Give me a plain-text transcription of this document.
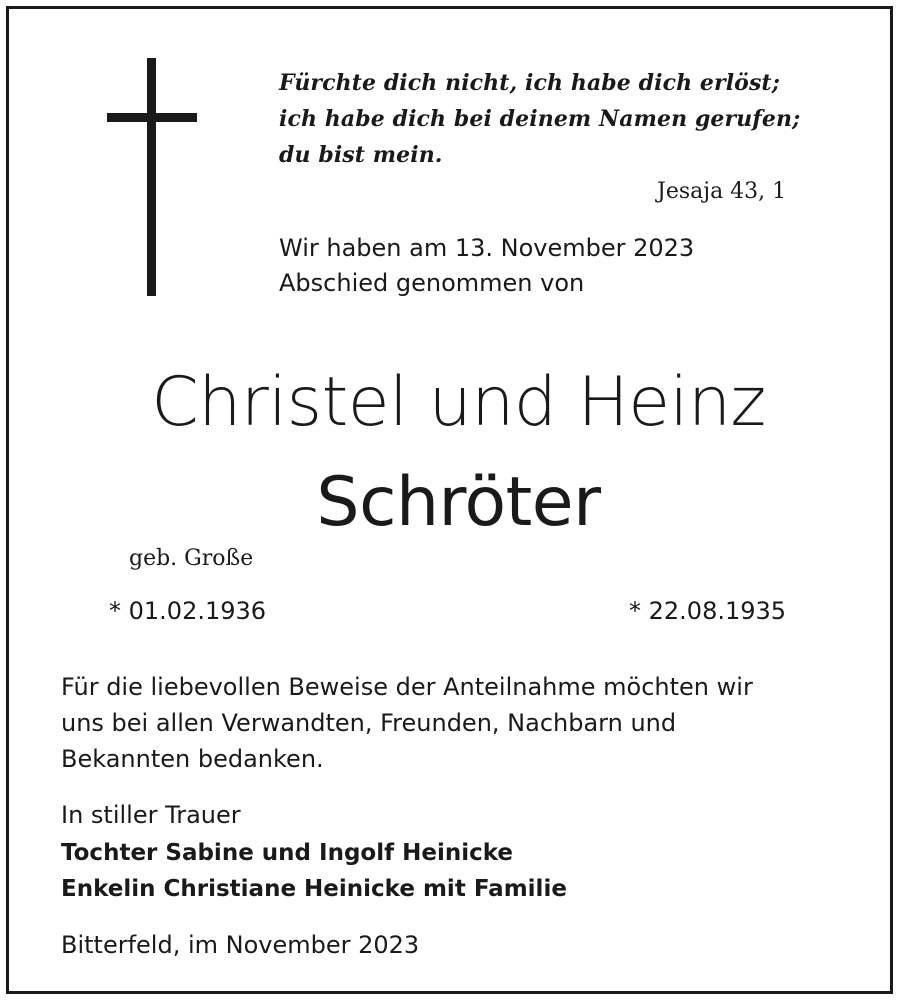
Fürchte dich nicht, ich habe dich erlöst;
ich habe dich bei deinem Namen gerufen;
du bist mein.
Jesaja 43, 1
Wir haben am 13. November 2023
Abschied genommen von
Christel und Heinz
Schröter
geb. Große
* 01.02.1936	* 22.08.1935
Für die liebevollen Beweise der Anteilnahme möchten wir
uns bei allen Verwandten, Freunden, Nachbarn und
Bekannten bedanken.
In stiller Trauer
Tochter Sabine und Ingolf Heinicke
Enkelin Christiane Heinicke mit Familie
Bitterfeld, im November 2023
